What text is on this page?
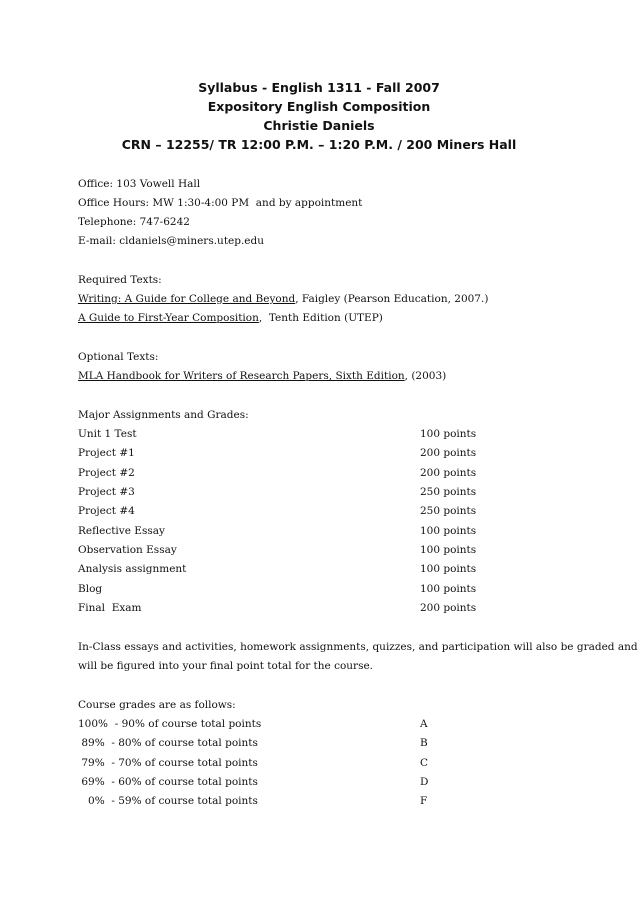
Syllabus - English 1311 - Fall 2007
Expository English Composition
Christie Daniels
CRN – 12255/ TR 12:00 P.M. – 1:20 P.M. / 200 Miners Hall
Office: 103 Vowell Hall
Office Hours: MW 1:30-4:00 PM  and by appointment
Telephone: 747-6242
E-mail: cldaniels@miners.utep.edu
Required Texts:
Writing: A Guide for College and Beyond, Faigley (Pearson Education, 2007.)
A Guide to First-Year Composition,  Tenth Edition (UTEP)
Optional Texts:
MLA Handbook for Writers of Research Papers, Sixth Edition, (2003)
Major Assignments and Grades:
Unit 1 Test	100 points
Project #1	200 points
Project #2	200 points
Project #3	250 points
Project #4	250 points
Reflective Essay	100 points
Observation Essay	100 points
Analysis assignment	100 points
Blog	100 points
Final  Exam	200 points
In-Class essays and activities, homework assignments, quizzes, and participation will also be graded and
will be figured into your final point total for the course.
Course grades are as follows:
100%  - 90% of course total points	A
89%  - 80% of course total points	B
79%  - 70% of course total points	C
69%  - 60% of course total points	D
0%  - 59% of course total points	F
